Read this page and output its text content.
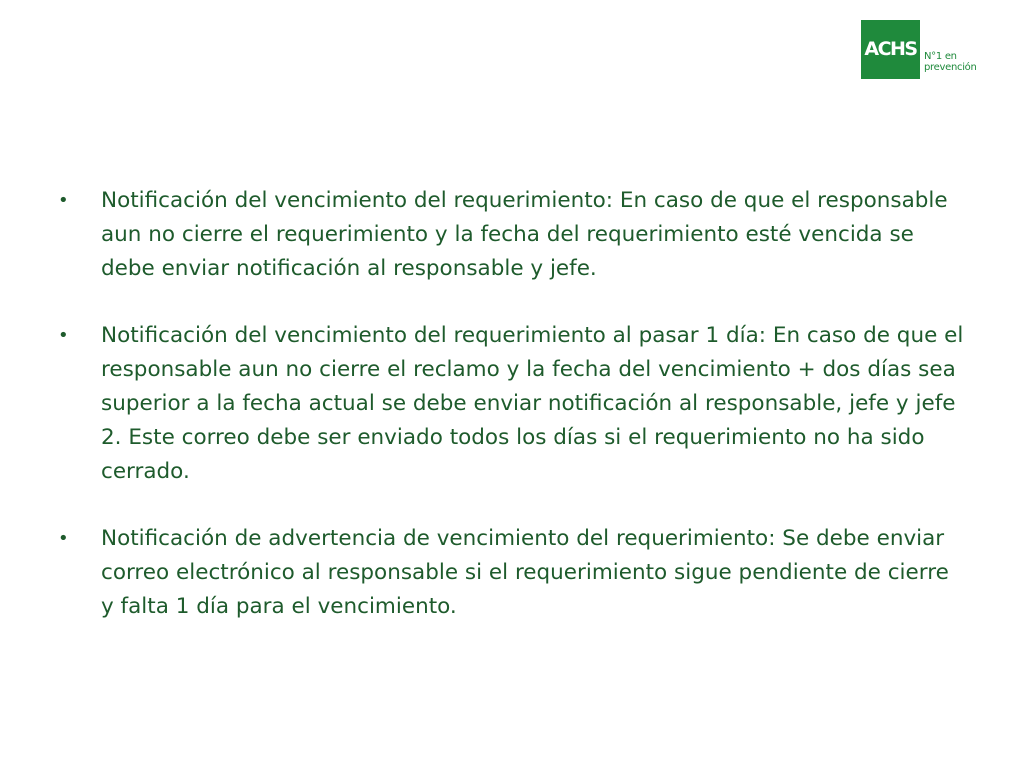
ACHS N°1 en
prevención
•	Notificación del vencimiento del requerimiento: En caso de que el responsable aun no cierre el requerimiento y la fecha del requerimiento esté vencida se debe enviar notificación al responsable y jefe.
•	Notificación del vencimiento del requerimiento al pasar 1 día: En caso de que el responsable aun no cierre el reclamo y la fecha del vencimiento + dos días sea superior a la fecha actual se debe enviar notificación al responsable, jefe y jefe 2. Este correo debe ser enviado todos los días si el requerimiento no ha sido cerrado.
•	Notificación de advertencia de vencimiento del requerimiento: Se debe enviar correo electrónico al responsable si el requerimiento sigue pendiente de cierre y falta 1 día para el vencimiento.
